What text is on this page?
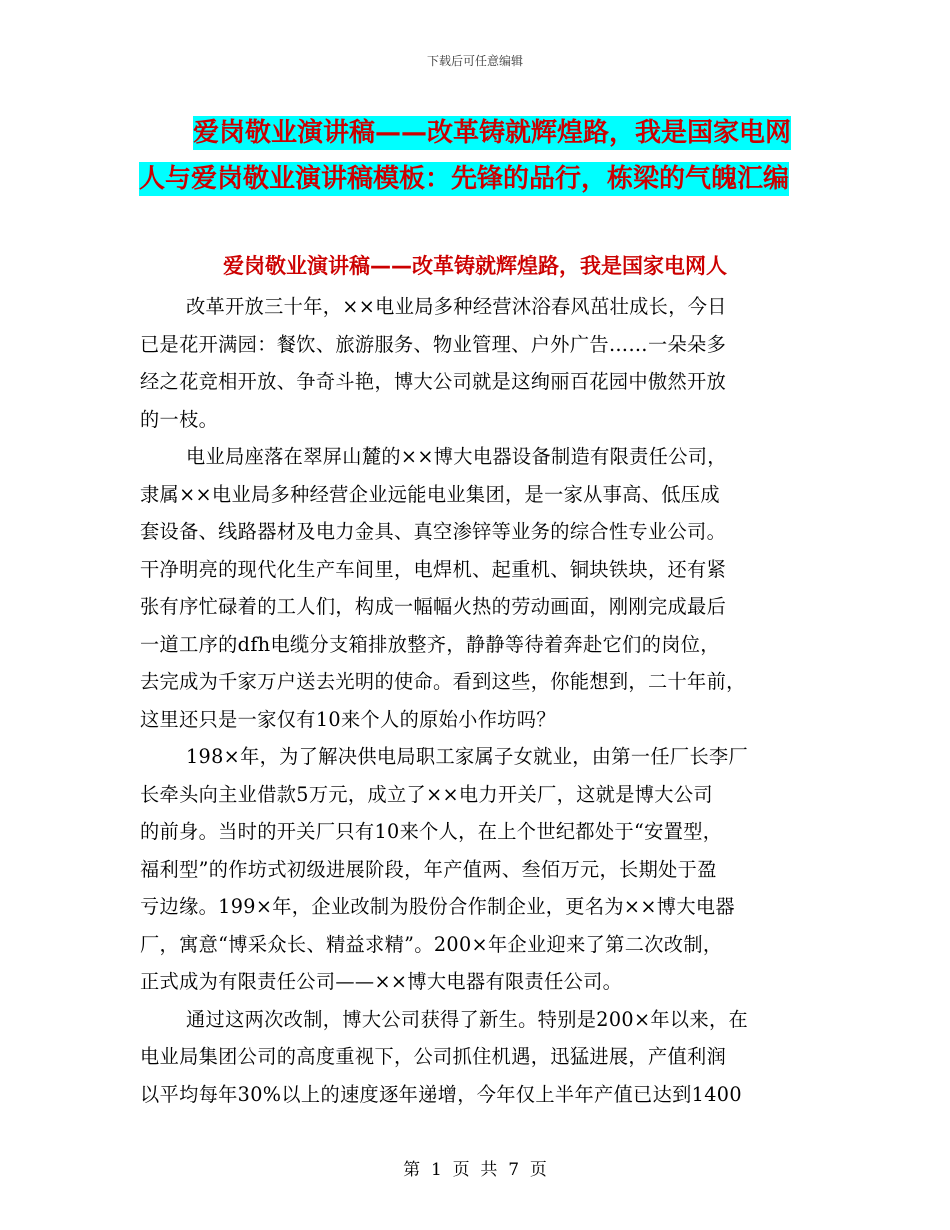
下载后可任意编辑
爱岗敬业演讲稿——改革铸就辉煌路，我是国家电网
人与爱岗敬业演讲稿模板：先锋的品行，栋梁的气魄汇编
爱岗敬业演讲稿——改革铸就辉煌路，我是国家电网人
改革开放三十年，××电业局多种经营沐浴春风茁壮成长，今日
已是花开满园：餐饮、旅游服务、物业管理、户外广告……一朵朵多
经之花竞相开放、争奇斗艳，博大公司就是这绚丽百花园中傲然开放
的一枝。
电业局座落在翠屏山麓的××博大电器设备制造有限责任公司，
隶属××电业局多种经营企业远能电业集团，是一家从事高、低压成
套设备、线路器材及电力金具、真空渗锌等业务的综合性专业公司。
干净明亮的现代化生产车间里，电焊机、起重机、铜块铁块，还有紧
张有序忙碌着的工人们，构成一幅幅火热的劳动画面，刚刚完成最后
一道工序的dfh电缆分支箱排放整齐，静静等待着奔赴它们的岗位，
去完成为千家万户送去光明的使命。看到这些，你能想到，二十年前，
这里还只是一家仅有10来个人的原始小作坊吗？
198×年，为了解决供电局职工家属子女就业，由第一任厂长李厂
长牵头向主业借款5万元，成立了××电力开关厂，这就是博大公司
的前身。当时的开关厂只有10来个人，在上个世纪都处于“安置型，
福利型”的作坊式初级进展阶段，年产值两、叁佰万元，长期处于盈
亏边缘。199×年，企业改制为股份合作制企业，更名为××博大电器
厂，寓意“博采众长、精益求精”。200×年企业迎来了第二次改制，
正式成为有限责任公司——××博大电器有限责任公司。
通过这两次改制，博大公司获得了新生。特别是200×年以来，在
电业局集团公司的高度重视下，公司抓住机遇，迅猛进展，产值利润
以平均每年30%以上的速度逐年递增，今年仅上半年产值已达到1400
第  1  页  共  7  页
